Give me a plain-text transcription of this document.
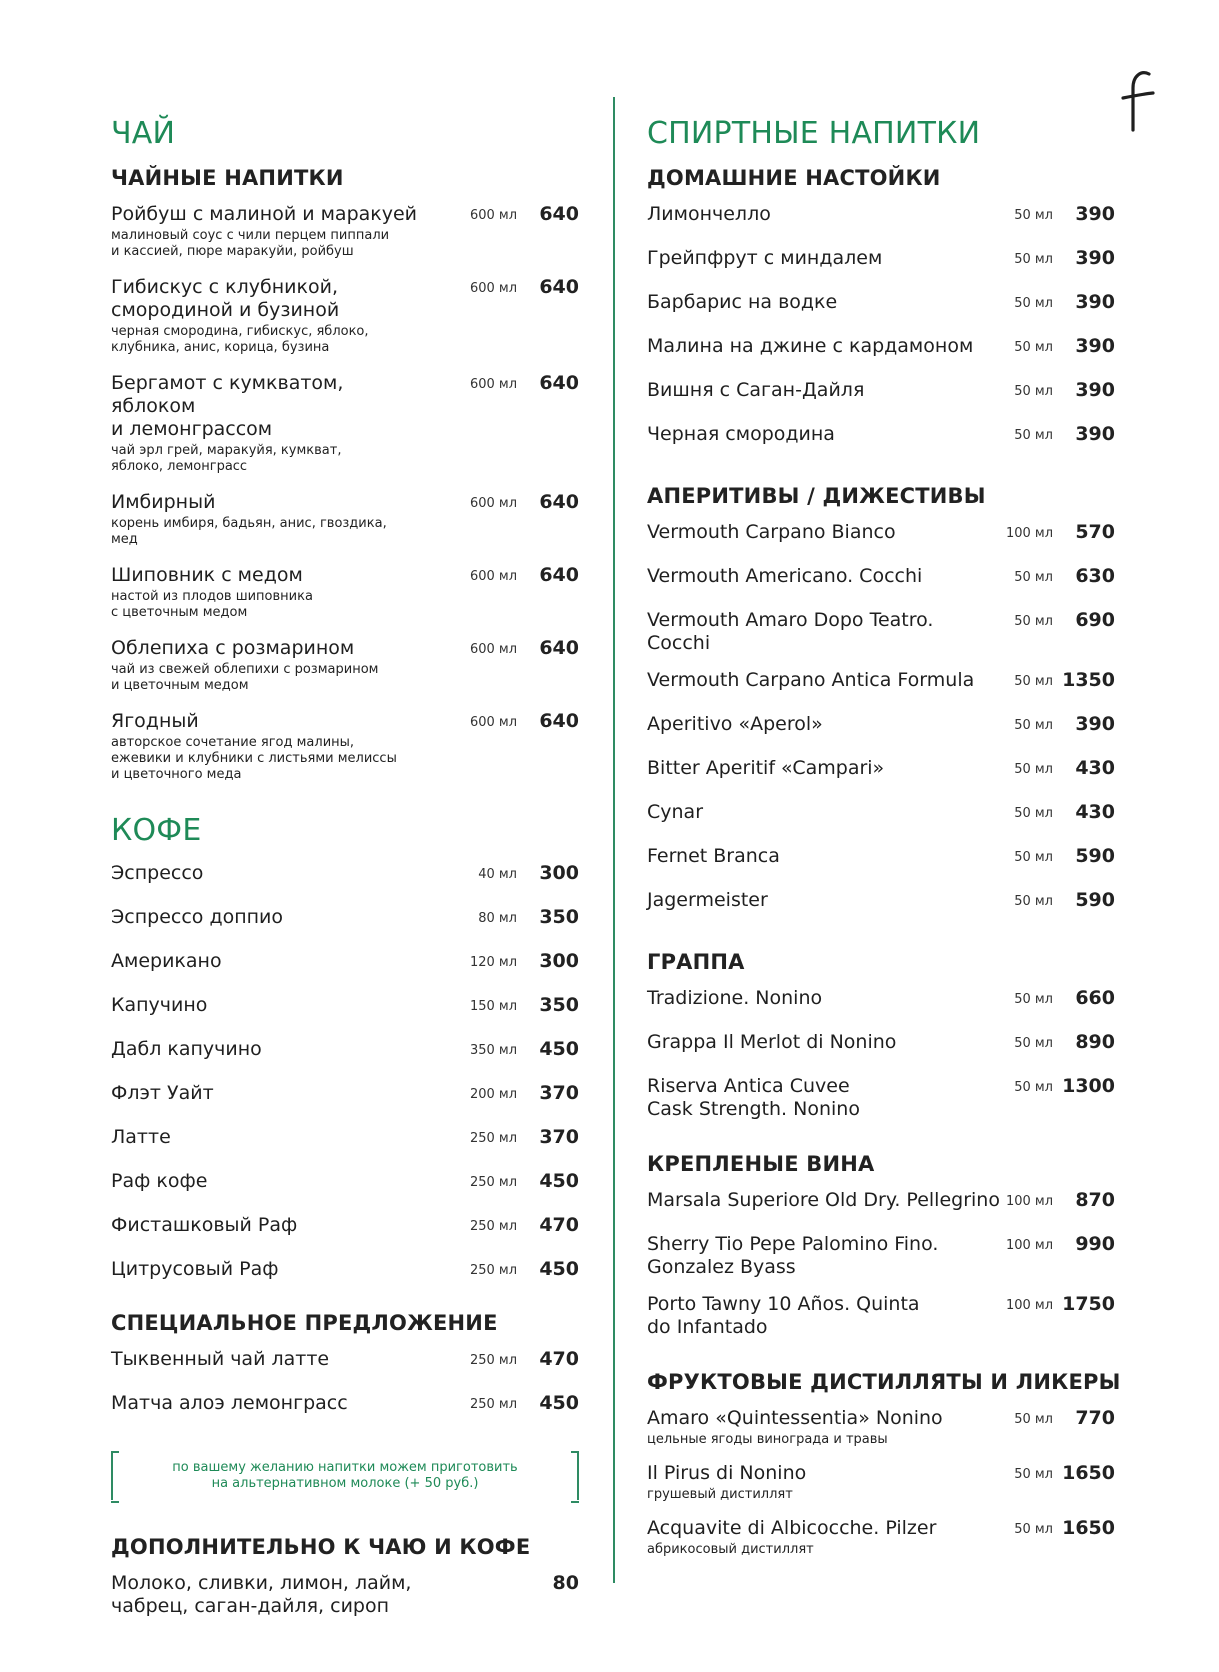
ЧАЙ
ЧАЙНЫЕ НАПИТКИ
Ройбуш с малиной и маракуей
малиновый соус с чили перцем пиппали
и кассией, пюре маракуйи, ройбуш
600 мл 640
Гибискус с клубникой,
смородиной и бузиной
черная смородина, гибискус, яблоко,
клубника, анис, корица, бузина
600 мл 640
Бергамот с кумкватом, яблоком
и лемонграссом
чай эрл грей, маракуйя, кумкват,
яблоко, лемонграсс
600 мл 640
Имбирный
корень имбиря, бадьян, анис, гвоздика, мед
600 мл 640
Шиповник с медом
настой из плодов шиповника
с цветочным медом
600 мл 640
Облепиха с розмарином
чай из свежей облепихи с розмарином
и цветочным медом
600 мл 640
Ягодный
авторское сочетание ягод малины,
ежевики и клубники с листьями мелиссы
и цветочного меда
600 мл 640
КОФЕ
Эспрессо	40 мл 300
Эспрессо доппио	80 мл 350
Американо	120 мл 300
Капучино	150 мл 350
Дабл капучино	350 мл 450
Флэт Уайт	200 мл 370
Латте	250 мл 370
Раф кофе	250 мл 450
Фисташковый Раф	250 мл 470
Цитрусовый Раф	250 мл 450
СПЕЦИАЛЬНОЕ ПРЕДЛОЖЕНИЕ
Тыквенный чай латте	250 мл 470
Матча алоэ лемонграсс	250 мл 450

по вашему желанию напитки можем приготовить
на альтернативном молоке (+ 50 руб.)

ДОПОЛНИТЕЛЬНО К ЧАЮ И КОФЕ
Молоко, сливки, лимон, лайм,
чабрец, саган-дайля, сироп
80
СПИРТНЫЕ НАПИТКИ
ДОМАШНИЕ НАСТОЙКИ
Лимончелло	50 мл 390
Грейпфрут с миндалем	50 мл 390
Барбарис на водке	50 мл 390
Малина на джине с кардамоном	50 мл 390
Вишня с Саган-Дайля	50 мл 390
Черная смородина	50 мл 390
АПЕРИТИВЫ / ДИЖЕСТИВЫ
Vermouth Carpano Bianco	100 мл 570
Vermouth Americano. Cocchi	50 мл 630
Vermouth Amaro Dopo Teatro. Cocchi
50 мл 690
Vermouth Carpano Antica Formula	50 мл 1350
Aperitivo «Aperol»	50 мл 390
Bitter Aperitif «Campari»	50 мл 430
Cynar	50 мл 430
Fernet Branca	50 мл 590
Jagermeister	50 мл 590
ГРАППА
Tradizione. Nonino	50 мл 660
Grappa Il Merlot di Nonino	50 мл 890
Riserva Antica Cuvee
Cask Strength. Nonino
50 мл 1300
КРЕПЛЕНЫЕ ВИНА
Marsala Superiore Old Dry. Pellegrino 100 мл 870
Sherry Tio Pepe Palomino Fino.
Gonzalez Byass
100 мл 990
Porto Tawny 10 Años. Quinta
do Infantado
100 мл 1750
ФРУКТОВЫЕ ДИСТИЛЛЯТЫ И ЛИКЕРЫ
Amaro «Quintessentia» Nonino
цельные ягоды винограда и травы
50 мл 770
Il Pirus di Nonino
грушевый дистиллят
50 мл 1650
Acquavite di Albicocche. Pilzer
абрикосовый дистиллят
50 мл 1650
